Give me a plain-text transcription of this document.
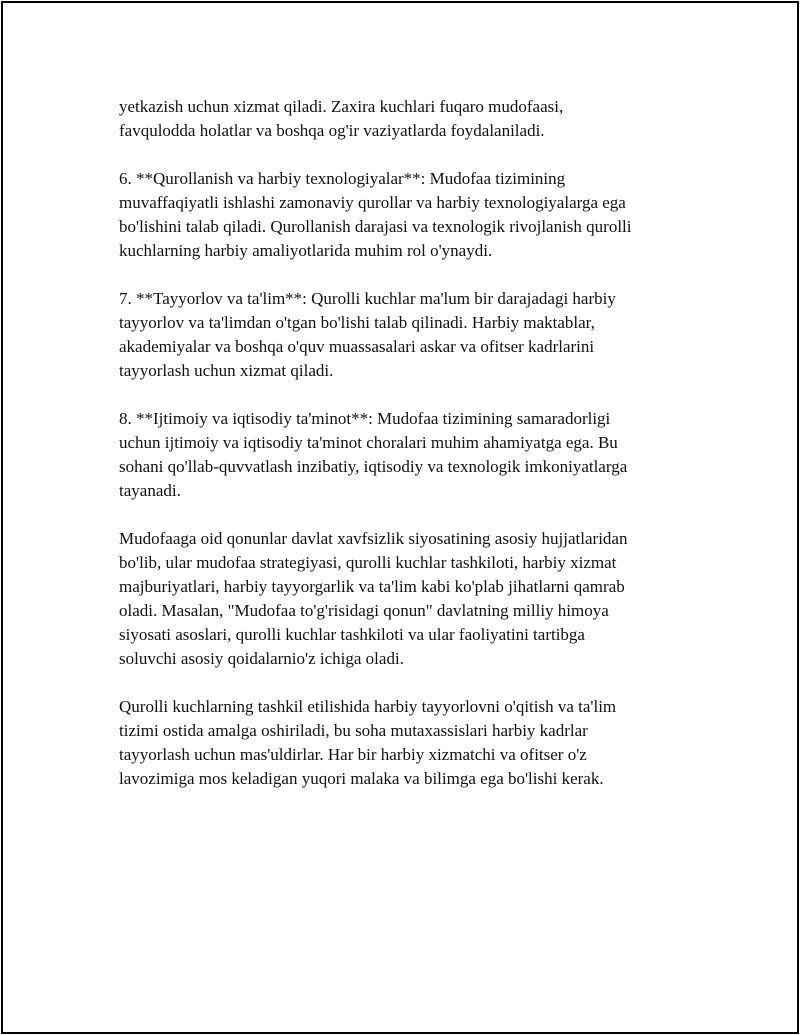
yetkazish uchun xizmat qiladi. Zaxira kuchlari fuqaro mudofaasi,
favqulodda holatlar va boshqa og'ir vaziyatlarda foydalaniladi.

6. **Qurollanish va harbiy texnologiyalar**: Mudofaa tizimining
muvaffaqiyatli ishlashi zamonaviy qurollar va harbiy texnologiyalarga ega
bo'lishini talab qiladi. Qurollanish darajasi va texnologik rivojlanish qurolli
kuchlarning harbiy amaliyotlarida muhim rol o'ynaydi.

7. **Tayyorlov va ta'lim**: Qurolli kuchlar ma'lum bir darajadagi harbiy
tayyorlov va ta'limdan o'tgan bo'lishi talab qilinadi. Harbiy maktablar,
akademiyalar va boshqa o'quv muassasalari askar va ofitser kadrlarini
tayyorlash uchun xizmat qiladi.

8. **Ijtimoiy va iqtisodiy ta'minot**: Mudofaa tizimining samaradorligi
uchun ijtimoiy va iqtisodiy ta'minot choralari muhim ahamiyatga ega. Bu
sohani qo'llab-quvvatlash inzibatiy, iqtisodiy va texnologik imkoniyatlarga
tayanadi.

Mudofaaga oid qonunlar davlat xavfsizlik siyosatining asosiy hujjatlaridan
bo'lib, ular mudofaa strategiyasi, qurolli kuchlar tashkiloti, harbiy xizmat
majburiyatlari, harbiy tayyorgarlik va ta'lim kabi ko'plab jihatlarni qamrab
oladi. Masalan, "Mudofaa to'g'risidagi qonun" davlatning milliy himoya
siyosati asoslari, qurolli kuchlar tashkiloti va ular faoliyatini tartibga
soluvchi asosiy qoidalarnio'z ichiga oladi.

Qurolli kuchlarning tashkil etilishida harbiy tayyorlovni o'qitish va ta'lim
tizimi ostida amalga oshiriladi, bu soha mutaxassislari harbiy kadrlar
tayyorlash uchun mas'uldirlar. Har bir harbiy xizmatchi va ofitser o'z
lavozimiga mos keladigan yuqori malaka va bilimga ega bo'lishi kerak.
